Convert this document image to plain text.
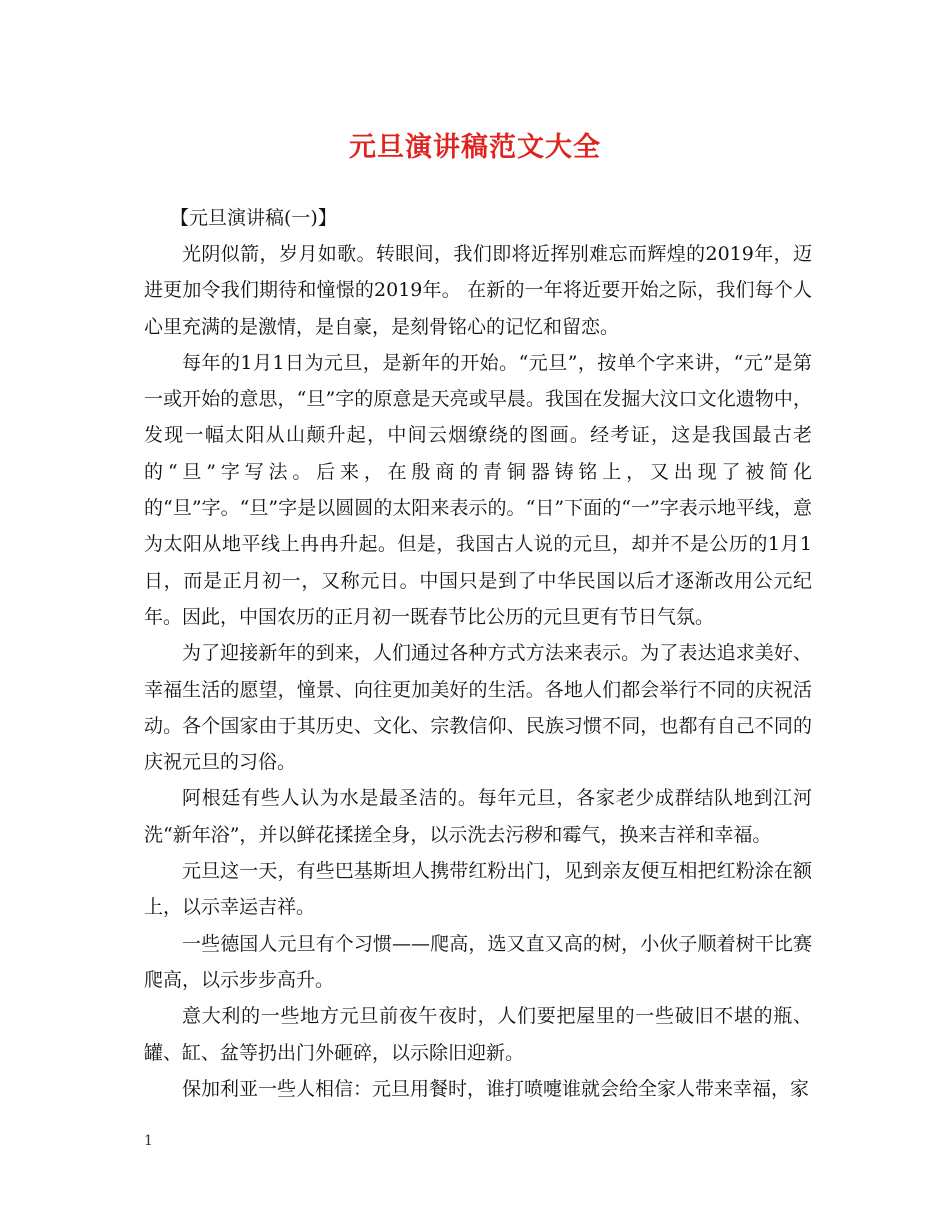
元旦演讲稿范文大全

【元旦演讲稿(一)】

光阴似箭，岁月如歌。转眼间，我们即将近挥别难忘而辉煌的2019年，迈进更加令我们期待和憧憬的2019年。 在新的一年将近要开始之际，我们每个人心里充满的是激情，是自豪，是刻骨铭心的记忆和留恋。

每年的1月1日为元旦，是新年的开始。“元旦”，按单个字来讲，“元”是第一或开始的意思，“旦”字的原意是天亮或早晨。我国在发掘大汶口文化遗物中，发现一幅太阳从山颠升起，中间云烟缭绕的图画。经考证，这是我国最古老的“旦”字写法。后来，在殷商的青铜器铸铭上，又出现了被简化的“旦”字。“旦”字是以圆圆的太阳来表示的。“日”下面的“一”字表示地平线，意为太阳从地平线上冉冉升起。但是，我国古人说的元旦，却并不是公历的1月1日，而是正月初一，又称元日。中国只是到了中华民国以后才逐渐改用公元纪年。因此，中国农历的正月初一既春节比公历的元旦更有节日气氛。

为了迎接新年的到来，人们通过各种方式方法来表示。为了表达追求美好、幸福生活的愿望，憧景、向往更加美好的生活。各地人们都会举行不同的庆祝活动。各个国家由于其历史、文化、宗教信仰、民族习惯不同，也都有自己不同的庆祝元旦的习俗。

阿根廷有些人认为水是最圣洁的。每年元旦，各家老少成群结队地到江河洗“新年浴”，并以鲜花揉搓全身，以示洗去污秽和霉气，换来吉祥和幸福。

元旦这一天，有些巴基斯坦人携带红粉出门，见到亲友便互相把红粉涂在额上，以示幸运吉祥。

一些德国人元旦有个习惯——爬高，选又直又高的树，小伙子顺着树干比赛爬高，以示步步高升。

意大利的一些地方元旦前夜午夜时，人们要把屋里的一些破旧不堪的瓶、罐、缸、盆等扔出门外砸碎，以示除旧迎新。

保加利亚一些人相信：元旦用餐时，谁打喷嚏谁就会给全家人带来幸福，家

1
